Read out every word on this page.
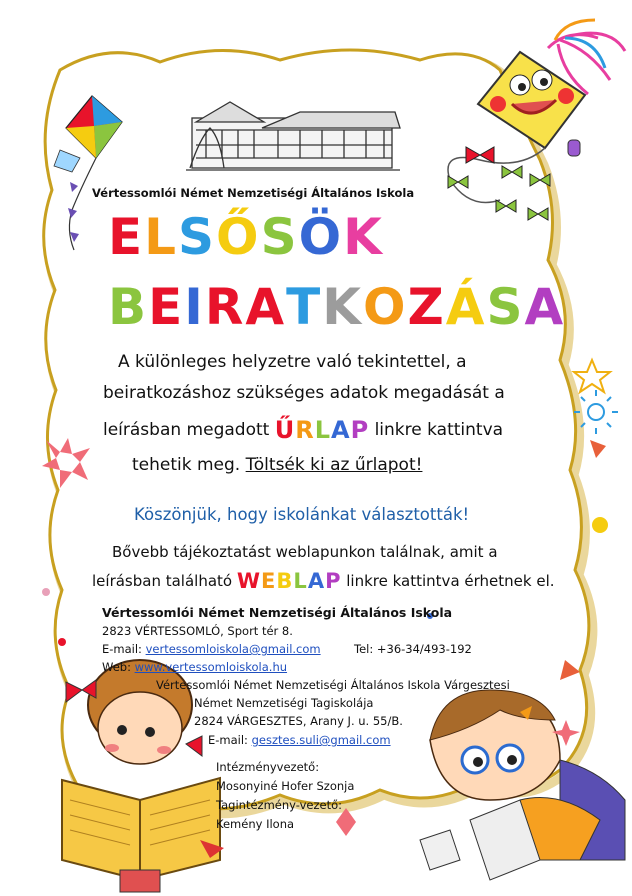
Vértessomlói Német Nemzetiségi Általános Iskola
ELSŐSÖK
BEIRATKOZÁSA
A különleges helyzetre való tekintettel, a
beiratkozáshoz szükséges adatok megadását a
leírásban megadott ŰRLAP linkre kattintva
tehetik meg. Töltsék ki az űrlapot!
Köszönjük, hogy iskolánkat választották!
Bővebb tájékoztatást weblapunkon találnak, amit a
leírásban található WEBLAP linkre kattintva érhetnek el.
Vértessomlói Német Nemzetiségi Általános Iskola
2823 VÉRTESSOMLÓ, Sport tér 8.
E-mail: vertessomloiskola@gmail.com	Tel: +36-34/493-192
Web: www.vertessomloiskola.hu
Vértessomlói Német Nemzetiségi Általános Iskola Várgesztesi
Német Nemzetiségi Tagiskolája
2824 VÁRGESZTES, Arany J. u. 55/B.
E-mail: gesztes.suli@gmail.com
Intézményvezető:
Mosonyiné Hofer Szonja
Tagintézmény-vezető:
Kemény Ilona
